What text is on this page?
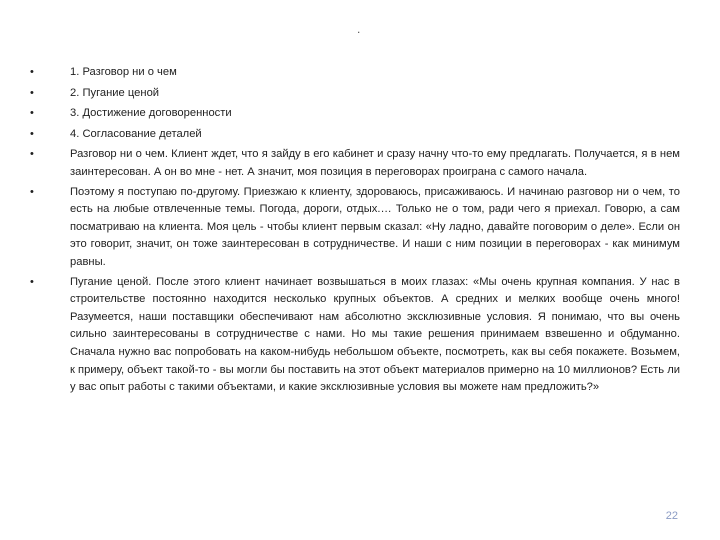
.
•	1. Разговор ни о чем
•	2. Пугание ценой
•	3. Достижение договоренности
•	4. Согласование деталей
•	Разговор ни о чем. Клиент ждет, что я зайду в его кабинет и сразу начну что-то ему предлагать. Получается, я в нем заинтересован. А он во мне - нет. А значит, моя позиция в переговорах проиграна с самого начала.
•	Поэтому я поступаю по-другому. Приезжаю к клиенту, здороваюсь, присаживаюсь. И начинаю разговор ни о чем, то есть на любые отвлеченные темы. Погода, дороги, отдых.… Только не о том, ради чего я приехал. Говорю, а сам посматриваю на клиента. Моя цель - чтобы клиент первым сказал: «Ну ладно, давайте поговорим о деле». Если он это говорит, значит, он тоже заинтересован в сотрудничестве. И наши с ним позиции в переговорах - как минимум равны.
•	Пугание ценой. После этого клиент начинает возвышаться в моих глазах: «Мы очень крупная компания. У нас в строительстве постоянно находится несколько крупных объектов. А средних и мелких вообще очень много! Разумеется, наши поставщики обеспечивают нам абсолютно эксклюзивные условия. Я понимаю, что вы очень сильно заинтересованы в сотрудничестве с нами. Но мы такие решения принимаем взвешенно и обдуманно. Сначала нужно вас попробовать на каком-нибудь небольшом объекте, посмотреть, как вы себя покажете. Возьмем, к примеру, объект такой-то - вы могли бы поставить на этот объект материалов примерно на 10 миллионов? Есть ли у вас опыт работы с такими объектами, и какие эксклюзивные условия вы можете нам предложить?»
22
